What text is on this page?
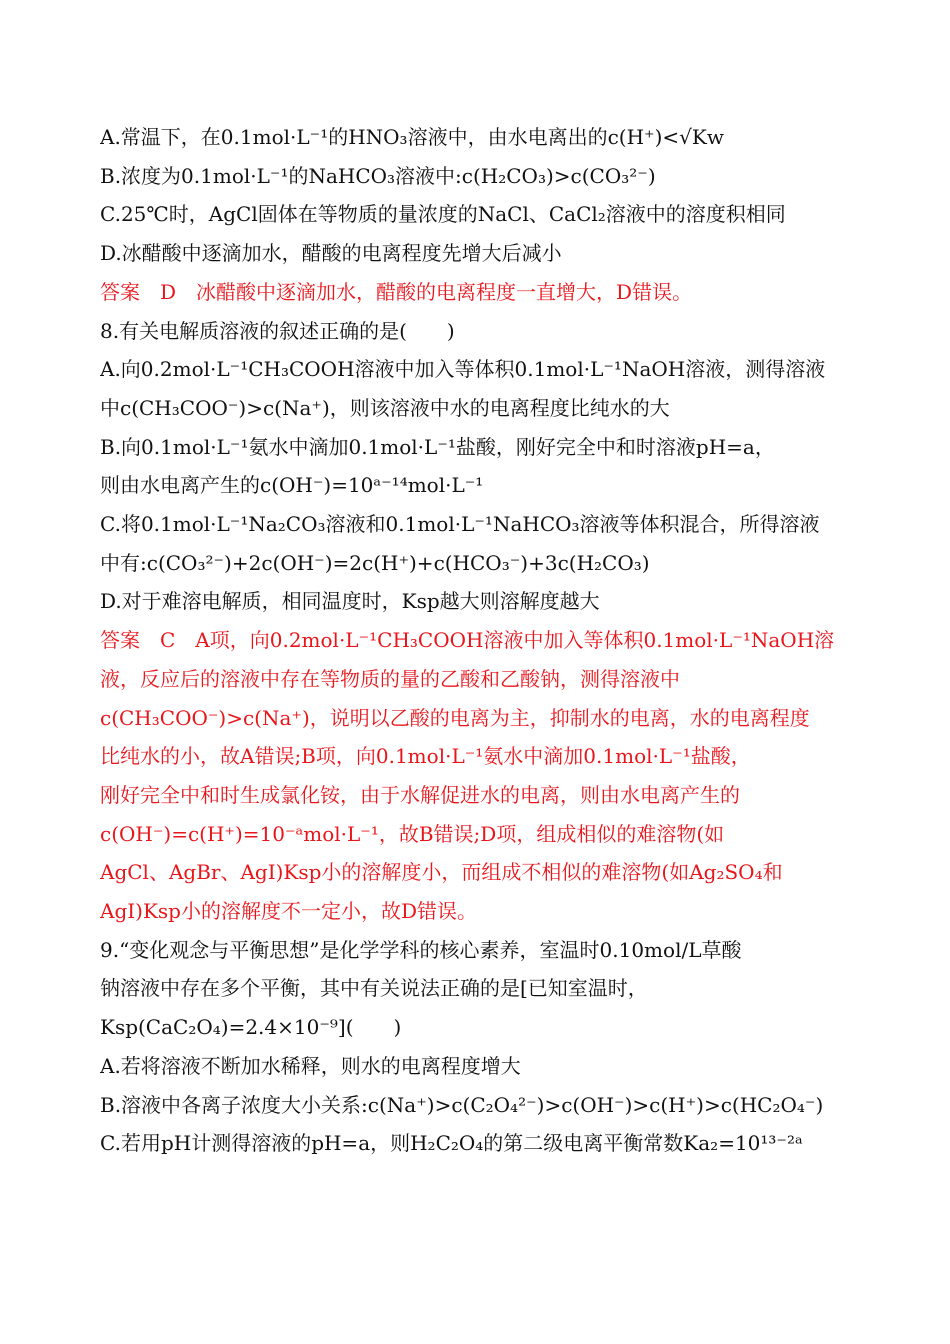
A.常温下，在0.1mol·L⁻¹的HNO₃溶液中，由水电离出的c(H⁺)<√Kw
B.浓度为0.1mol·L⁻¹的NaHCO₃溶液中:c(H₂CO₃)>c(CO₃²⁻)
C.25℃时，AgCl固体在等物质的量浓度的NaCl、CaCl₂溶液中的溶度积相同
D.冰醋酸中逐滴加水，醋酸的电离程度先增大后减小
答案　D　冰醋酸中逐滴加水，醋酸的电离程度一直增大，D错误。
8.有关电解质溶液的叙述正确的是(　　)
A.向0.2mol·L⁻¹CH₃COOH溶液中加入等体积0.1mol·L⁻¹NaOH溶液，测得溶液
中c(CH₃COO⁻)>c(Na⁺)，则该溶液中水的电离程度比纯水的大
B.向0.1mol·L⁻¹氨水中滴加0.1mol·L⁻¹盐酸，刚好完全中和时溶液pH=a，
则由水电离产生的c(OH⁻)=10ᵃ⁻¹⁴mol·L⁻¹
C.将0.1mol·L⁻¹Na₂CO₃溶液和0.1mol·L⁻¹NaHCO₃溶液等体积混合，所得溶液
中有:c(CO₃²⁻)+2c(OH⁻)=2c(H⁺)+c(HCO₃⁻)+3c(H₂CO₃)
D.对于难溶电解质，相同温度时，Ksp越大则溶解度越大
答案　C　A项，向0.2mol·L⁻¹CH₃COOH溶液中加入等体积0.1mol·L⁻¹NaOH溶
液，反应后的溶液中存在等物质的量的乙酸和乙酸钠，测得溶液中
c(CH₃COO⁻)>c(Na⁺)，说明以乙酸的电离为主，抑制水的电离，水的电离程度
比纯水的小，故A错误;B项，向0.1mol·L⁻¹氨水中滴加0.1mol·L⁻¹盐酸，
刚好完全中和时生成氯化铵，由于水解促进水的电离，则由水电离产生的
c(OH⁻)=c(H⁺)=10⁻ᵃmol·L⁻¹，故B错误;D项，组成相似的难溶物(如
AgCl、AgBr、AgI)Ksp小的溶解度小，而组成不相似的难溶物(如Ag₂SO₄和
AgI)Ksp小的溶解度不一定小，故D错误。
9.“变化观念与平衡思想”是化学学科的核心素养，室温时0.10mol/L草酸
钠溶液中存在多个平衡，其中有关说法正确的是[已知室温时，
Ksp(CaC₂O₄)=2.4×10⁻⁹](　　)
A.若将溶液不断加水稀释，则水的电离程度增大
B.溶液中各离子浓度大小关系:c(Na⁺)>c(C₂O₄²⁻)>c(OH⁻)>c(H⁺)>c(HC₂O₄⁻)
C.若用pH计测得溶液的pH=a，则H₂C₂O₄的第二级电离平衡常数Ka₂=10¹³⁻²ᵃ
